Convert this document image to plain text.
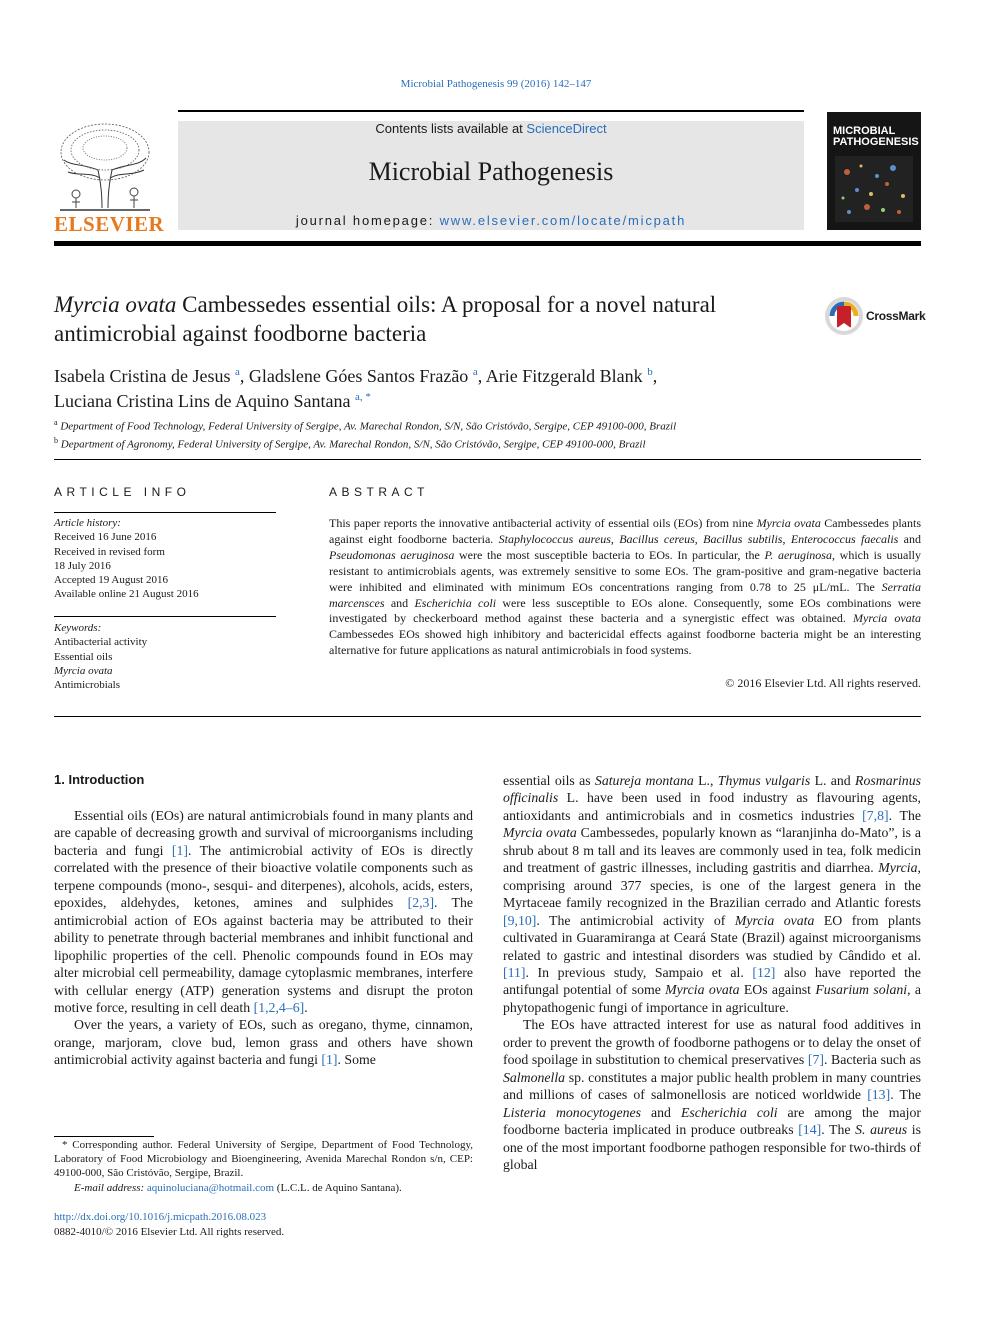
Microbial Pathogenesis 99 (2016) 142–147
ELSEVIER
Contents lists available at ScienceDirect
Microbial Pathogenesis
journal homepage: www.elsevier.com/locate/micpath
MICROBIAL
PATHOGENESIS
Myrcia ovata Cambessedes essential oils: A proposal for a novel natural antimicrobial against foodborne bacteria
CrossMark
Isabela Cristina de Jesus $^a$, Gladslene Góes Santos Frazão $^a$, Arie Fitzgerald Blank $^b$,
Luciana Cristina Lins de Aquino Santana $^{a, *}$
$^a$ Department of Food Technology, Federal University of Sergipe, Av. Marechal Rondon, S/N, São Cristóvão, Sergipe, CEP 49100-000, Brazil
$^b$ Department of Agronomy, Federal University of Sergipe, Av. Marechal Rondon, S/N, São Cristóvão, Sergipe, CEP 49100-000, Brazil
ARTICLE INFO	ABSTRACT
Article history:
Received 16 June 2016
Received in revised form
18 July 2016
Accepted 19 August 2016
Available online 21 August 2016
Keywords:
Antibacterial activity
Essential oils
Myrcia ovata
Antimicrobials
This paper reports the innovative antibacterial activity of essential oils (EOs) from nine Myrcia ovata Cambessedes plants against eight foodborne bacteria. Staphylococcus aureus, Bacillus cereus, Bacillus subtilis, Enterococcus faecalis and Pseudomonas aeruginosa were the most susceptible bacteria to EOs. In particular, the P. aeruginosa, which is usually resistant to antimicrobials agents, was extremely sensitive to some EOs. The gram-positive and gram-negative bacteria were inhibited and eliminated with minimum EOs concentrations ranging from 0.78 to 25 μL/mL. The Serratia marcensces and Escherichia coli were less susceptible to EOs alone. Consequently, some EOs combinations were investigated by checkerboard method against these bacteria and a synergistic effect was obtained. Myrcia ovata Cambessedes EOs showed high inhibitory and bactericidal effects against foodborne bacteria might be an interesting alternative for future applications as natural antimicrobials in food systems.
© 2016 Elsevier Ltd. All rights reserved.
1. Introduction

Essential oils (EOs) are natural antimicrobials found in many plants and are capable of decreasing growth and survival of microorganisms including bacteria and fungi [1]. The antimicrobial activity of EOs is directly correlated with the presence of their bioactive volatile components such as terpene compounds (mono-, sesqui- and diterpenes), alcohols, acids, esters, epoxides, aldehydes, ketones, amines and sulphides [2,3]. The antimicrobial action of EOs against bacteria may be attributed to their ability to penetrate through bacterial membranes and inhibit functional and lipophilic properties of the cell. Phenolic compounds found in EOs may alter microbial cell permeability, damage cytoplasmic membranes, interfere with cellular energy (ATP) generation systems and disrupt the proton motive force, resulting in cell death [1,2,4–6].

Over the years, a variety of EOs, such as oregano, thyme, cinnamon, orange, marjoram, clove bud, lemon grass and others have shown antimicrobial activity against bacteria and fungi [1]. Some

essential oils as Satureja montana L., Thymus vulgaris L. and Rosmarinus officinalis L. have been used in food industry as flavouring agents, antioxidants and antimicrobials and in cosmetics industries [7,8]. The Myrcia ovata Cambessedes, popularly known as “laranjinha do-Mato”, is a shrub about 8 m tall and its leaves are commonly used in tea, folk medicin and treatment of gastric illnesses, including gastritis and diarrhea. Myrcia, comprising around 377 species, is one of the largest genera in the Myrtaceae family recognized in the Brazilian cerrado and Atlantic forests [9,10]. The antimicrobial activity of Myrcia ovata EO from plants cultivated in Guaramiranga at Ceará State (Brazil) against microorganisms related to gastric and intestinal disorders was studied by Cândido et al. [11]. In previous study, Sampaio et al. [12] also have reported the antifungal potential of some Myrcia ovata EOs against Fusarium solani, a phytopathogenic fungi of importance in agriculture.

The EOs have attracted interest for use as natural food additives in order to prevent the growth of foodborne pathogens or to delay the onset of food spoilage in substitution to chemical preservatives [7]. Bacteria such as Salmonella sp. constitutes a major public health problem in many countries and millions of cases of salmonellosis are noticed worldwide [13]. The Listeria monocytogenes and Escherichia coli are among the major foodborne bacteria implicated in produce outbreaks [14]. The S. aureus is one of the most important foodborne pathogen responsible for two-thirds of global

* Corresponding author. Federal University of Sergipe, Department of Food Technology, Laboratory of Food Microbiology and Bioengineering, Avenida Marechal Rondon s/n, CEP: 49100-000, São Cristóvão, Sergipe, Brazil.
E-mail address: aquinoluciana@hotmail.com (L.C.L. de Aquino Santana).
http://dx.doi.org/10.1016/j.micpath.2016.08.023
0882-4010/© 2016 Elsevier Ltd. All rights reserved.
